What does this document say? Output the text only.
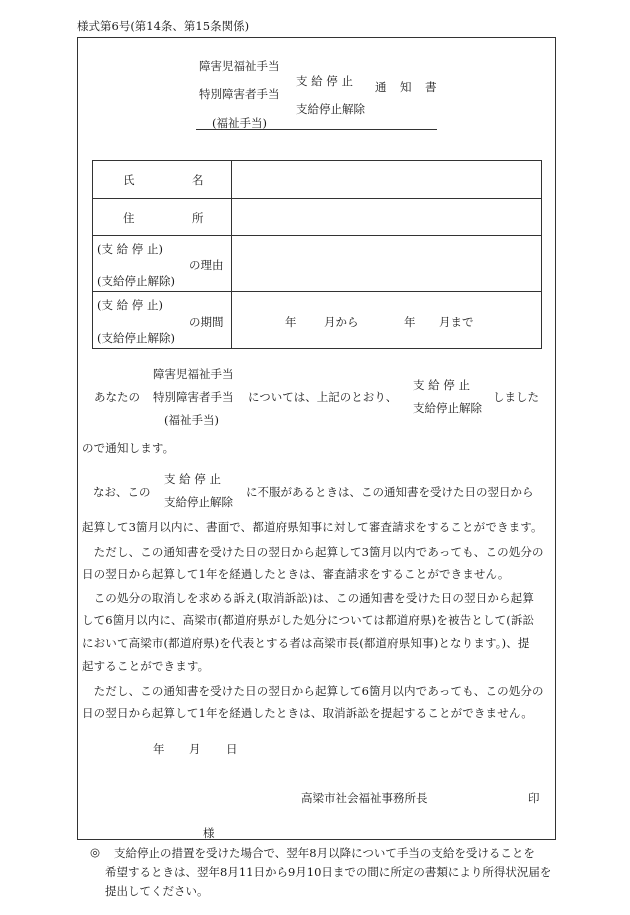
様式第6号(第14条、第15条関係)
障害児福祉手当
特別障害者手当
(福祉手当)
支 給 停 止
支給停止解除
通　知　書
氏 名	

住 所	

(支 給 停 止)
の理由
(支給停止解除)	

(支 給 停 止)
の期間
(支給停止解除)	年 月から 年 月まで
あなたの
障害児福祉手当
特別障害者手当
(福祉手当)
については、上記のとおり、
支 給 停 止
支給停止解除
しました
ので通知します。
なお、この
支 給 停 止
支給停止解除
に不服があるときは、この通知書を受けた日の翌日から
起算して3箇月以内に、書面で、都道府県知事に対して審査請求をすることができます。
　ただし、この通知書を受けた日の翌日から起算して3箇月以内であっても、この処分の
日の翌日から起算して1年を経過したときは、審査請求をすることができません。
　この処分の取消しを求める訴え(取消訴訟)は、この通知書を受けた日の翌日から起算
して6箇月以内に、高梁市(都道府県がした処分については都道府県)を被告として(訴訟
において高梁市(都道府県)を代表とする者は高梁市長(都道府県知事)となります。)、提
起することができます。
　ただし、この通知書を受けた日の翌日から起算して6箇月以内であっても、この処分の
日の翌日から起算して1年を経過したときは、取消訴訟を提起することができません。
年 月 日
高梁市社会福祉事務所長	印
様
◎ 支給停止の措置を受けた場合で、翌年8月以降について手当の支給を受けることを
希望するときは、翌年8月11日から9月10日までの間に所定の書類により所得状況届を
提出してください。
